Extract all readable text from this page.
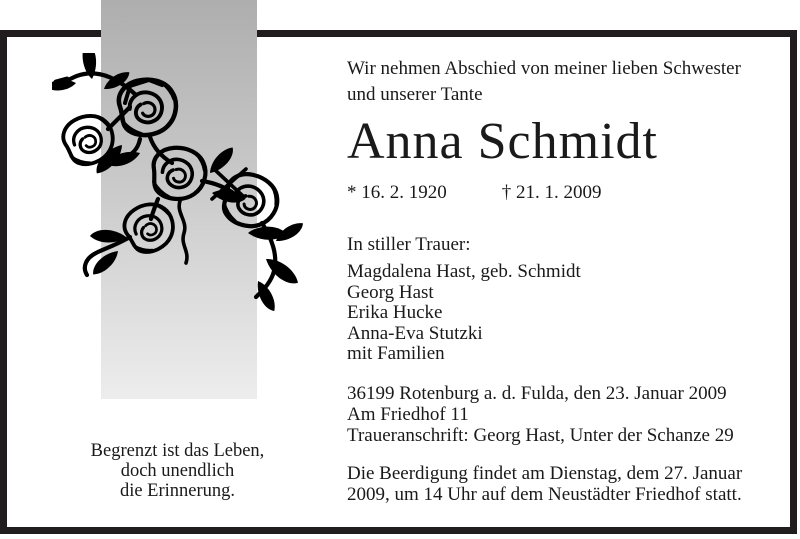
Wir nehmen Abschied von meiner lieben Schwester
und unserer Tante
Anna Schmidt
* 16. 2. 1920	† 21. 1. 2009
In stiller Trauer:
Magdalena Hast, geb. Schmidt
Georg Hast
Erika Hucke
Anna-Eva Stutzki
mit Familien
36199 Rotenburg a. d. Fulda, den 23. Januar 2009
Am Friedhof 11
Traueranschrift: Georg Hast, Unter der Schanze 29
Die Beerdigung findet am Dienstag, dem 27. Januar
2009, um 14 Uhr auf dem Neustädter Friedhof statt.
Begrenzt ist das Leben,
doch unendlich
die Erinnerung.
